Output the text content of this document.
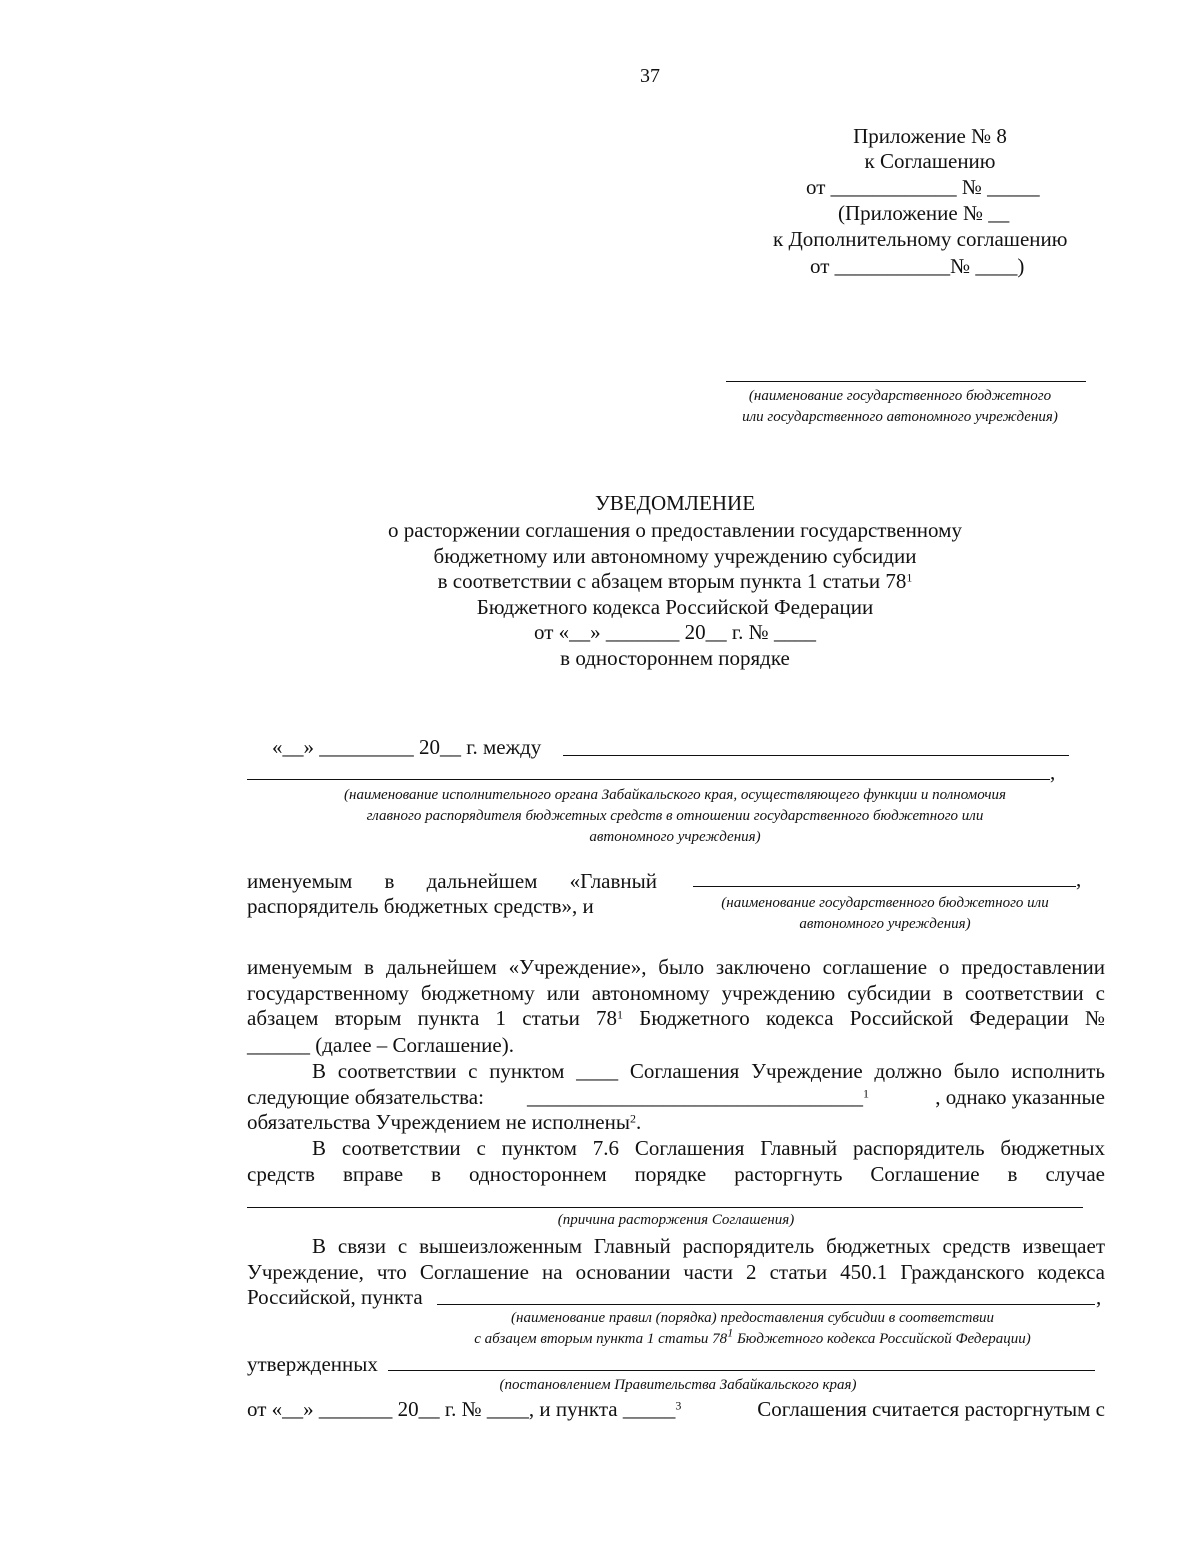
37
Приложение № 8
к Соглашению
от ____________ № _____
(Приложение № __
к Дополнительному соглашению
от ___________№ ____)
(наименование государственного бюджетного
или государственного автономного учреждения)
УВЕДОМЛЕНИЕ
о расторжении соглашения о предоставлении государственному
бюджетному или автономному учреждению субсидии
в соответствии с абзацем вторым пункта 1 статьи $78^1$
Бюджетного кодекса Российской Федерации
от «__» _______ 20__ г. № ____
в одностороннем порядке
«__» _________ 20__ г. между
,
(наименование исполнительного органа Забайкальского края, осуществляющего функции и полномочия
главного распорядителя бюджетных средств в отношении государственного бюджетного или
автономного учреждения)
именуемым в дальнейшем «Главный
распорядитель бюджетных средств», и
,
(наименование государственного бюджетного или
автономного учреждения)
именуемым в дальнейшем «Учреждение», было заключено соглашение о предоставлении
государственному бюджетному или автономному учреждению субсидии в соответствии с
абзацем вторым пункта 1 статьи $78^1$ Бюджетного кодекса Российской Федерации №
______ (далее – Соглашение).
В соответствии с пунктом ____ Соглашения Учреждение должно было исполнить
следующие обязательства: ________________________________$^1$	, однако указанные
обязательства Учреждением не исполнены$^2$.
В соответствии с пунктом 7.6 Соглашения Главный распорядитель бюджетных
средств вправе в одностороннем порядке расторгнуть Соглашение в случае
(причина расторжения Соглашения)
В связи с вышеизложенным Главный распорядитель бюджетных средств извещает
Учреждение, что Соглашение на основании части 2 статьи 450.1 Гражданского кодекса
Российской, пункта	,
(наименование правил (порядка) предоставления субсидии в соответствии
с абзацем вторым пункта 1 статьи $78^1$ Бюджетного кодекса Российской Федерации)
утвержденных
(постановлением Правительства Забайкальского края)
от «__» _______ 20__ г. № ____, и пункта _____$^3$	Соглашения считается расторгнутым с
